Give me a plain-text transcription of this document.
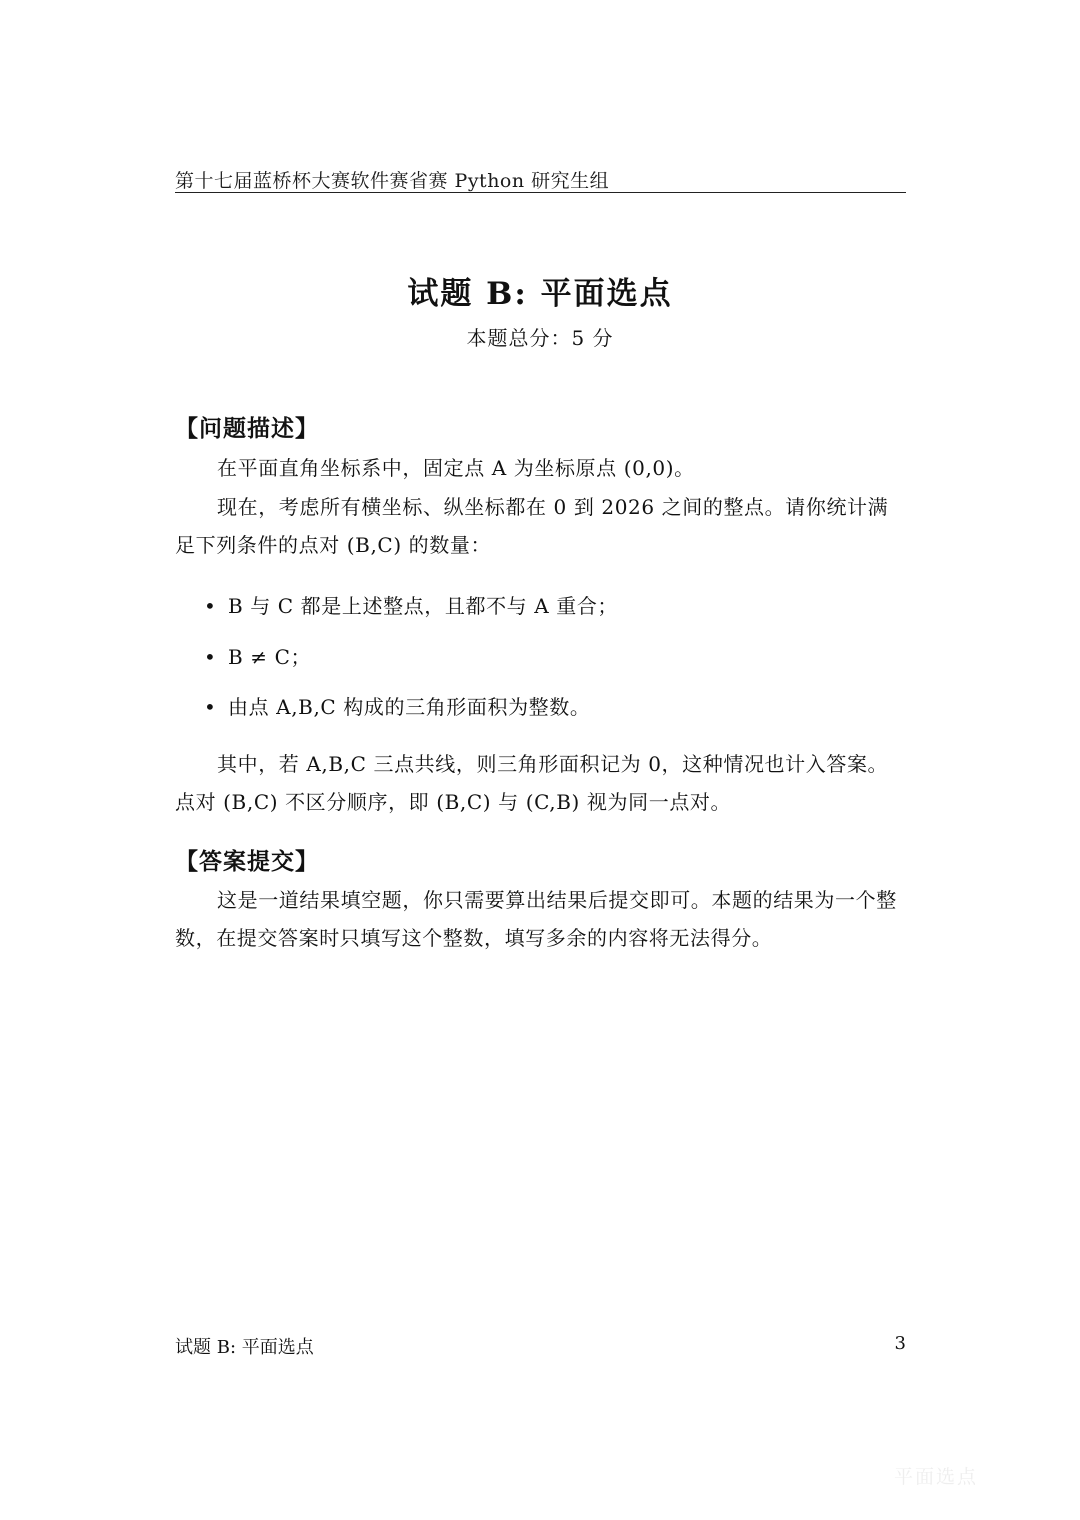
第十七届蓝桥杯大赛软件赛省赛 Python 研究生组
试题 B: 平面选点
本题总分：5 分
【问题描述】
在平面直角坐标系中，固定点 A 为坐标原点 (0,0)。
现在，考虑所有横坐标、纵坐标都在 0 到 2026 之间的整点。请你统计满足下列条件的点对 (B,C) 的数量：
• B 与 C 都是上述整点，且都不与 A 重合；
• B ≠ C；
• 由点 A,B,C 构成的三角形面积为整数。
其中，若 A,B,C 三点共线，则三角形面积记为 0，这种情况也计入答案。点对 (B,C) 不区分顺序，即 (B,C) 与 (C,B) 视为同一点对。
【答案提交】
这是一道结果填空题，你只需要算出结果后提交即可。本题的结果为一个整数，在提交答案时只填写这个整数，填写多余的内容将无法得分。
试题 B: 平面选点	3
平面选点
